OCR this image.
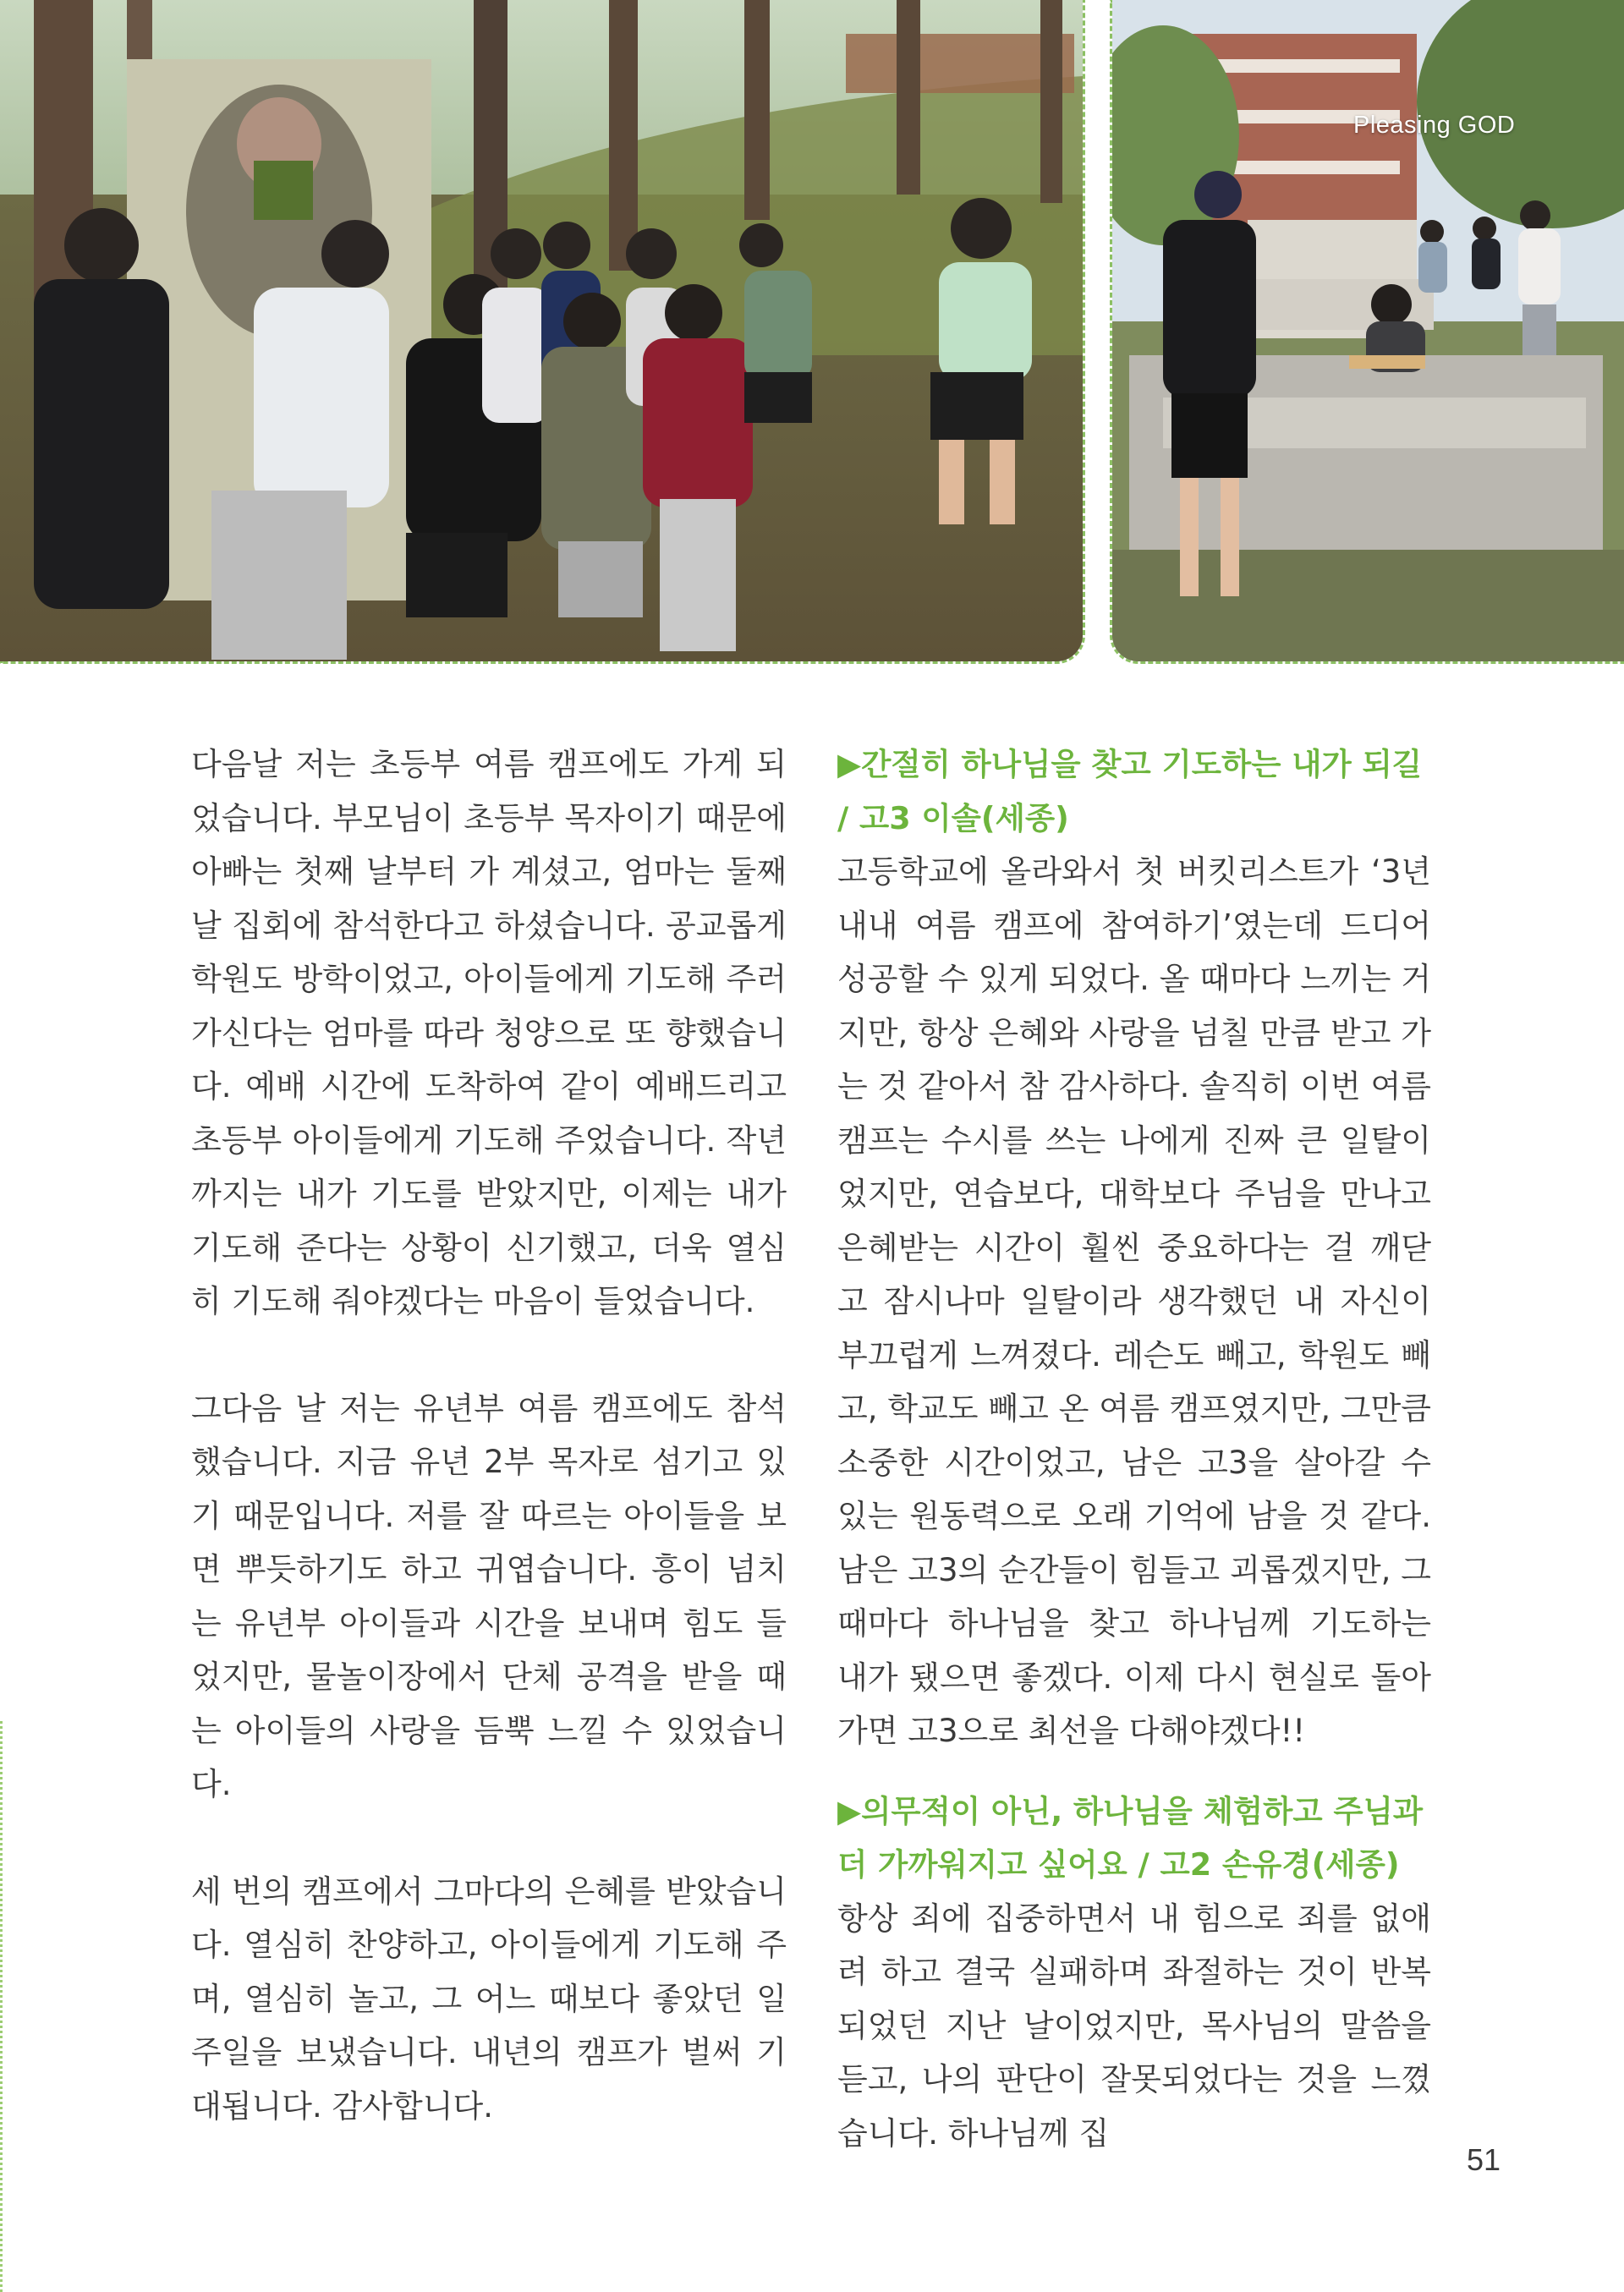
Pleasing GOD

다음날 저는 초등부 여름 캠프에도 가게 되었습니다. 부모님이 초등부 목자이기 때문에 아빠는 첫째 날부터 가 계셨고, 엄마는 둘째 날 집회에 참석한다고 하셨습니다. 공교롭게 학원도 방학이었고, 아이들에게 기도해 주러 가신다는 엄마를 따라 청양으로 또 향했습니다. 예배 시간에 도착하여 같이 예배드리고 초등부 아이들에게 기도해 주었습니다. 작년까지는 내가 기도를 받았지만, 이제는 내가 기도해 준다는 상황이 신기했고, 더욱 열심히 기도해 줘야겠다는 마음이 들었습니다.

그다음 날 저는 유년부 여름 캠프에도 참석했습니다. 지금 유년 2부 목자로 섬기고 있기 때문입니다. 저를 잘 따르는 아이들을 보면 뿌듯하기도 하고 귀엽습니다. 흥이 넘치는 유년부 아이들과 시간을 보내며 힘도 들었지만, 물놀이장에서 단체 공격을 받을 때는 아이들의 사랑을 듬뿍 느낄 수 있었습니다.

세 번의 캠프에서 그마다의 은혜를 받았습니다. 열심히 찬양하고, 아이들에게 기도해 주며, 열심히 놀고, 그 어느 때보다 좋았던 일주일을 보냈습니다. 내년의 캠프가 벌써 기대됩니다. 감사합니다.

▶간절히 하나님을 찾고 기도하는 내가 되길 / 고3 이솔(세종)

고등학교에 올라와서 첫 버킷리스트가 ‘3년 내내 여름 캠프에 참여하기’였는데 드디어 성공할 수 있게 되었다. 올 때마다 느끼는 거지만, 항상 은혜와 사랑을 넘칠 만큼 받고 가는 것 같아서 참 감사하다. 솔직히 이번 여름 캠프는 수시를 쓰는 나에게 진짜 큰 일탈이었지만, 연습보다, 대학보다 주님을 만나고 은혜받는 시간이 훨씬 중요하다는 걸 깨닫고 잠시나마 일탈이라 생각했던 내 자신이 부끄럽게 느껴졌다. 레슨도 빼고, 학원도 빼고, 학교도 빼고 온 여름 캠프였지만, 그만큼 소중한 시간이었고, 남은 고3을 살아갈 수 있는 원동력으로 오래 기억에 남을 것 같다. 남은 고3의 순간들이 힘들고 괴롭겠지만, 그때마다 하나님을 찾고 하나님께 기도하는 내가 됐으면 좋겠다. 이제 다시 현실로 돌아가면 고3으로 최선을 다해야겠다!!

▶의무적이 아닌, 하나님을 체험하고 주님과 더 가까워지고 싶어요 / 고2 손유경(세종)

항상 죄에 집중하면서 내 힘으로 죄를 없애려 하고 결국 실패하며 좌절하는 것이 반복되었던 지난 날이었지만, 목사님의 말씀을 듣고, 나의 판단이 잘못되었다는 것을 느꼈습니다. 하나님께 집

51
